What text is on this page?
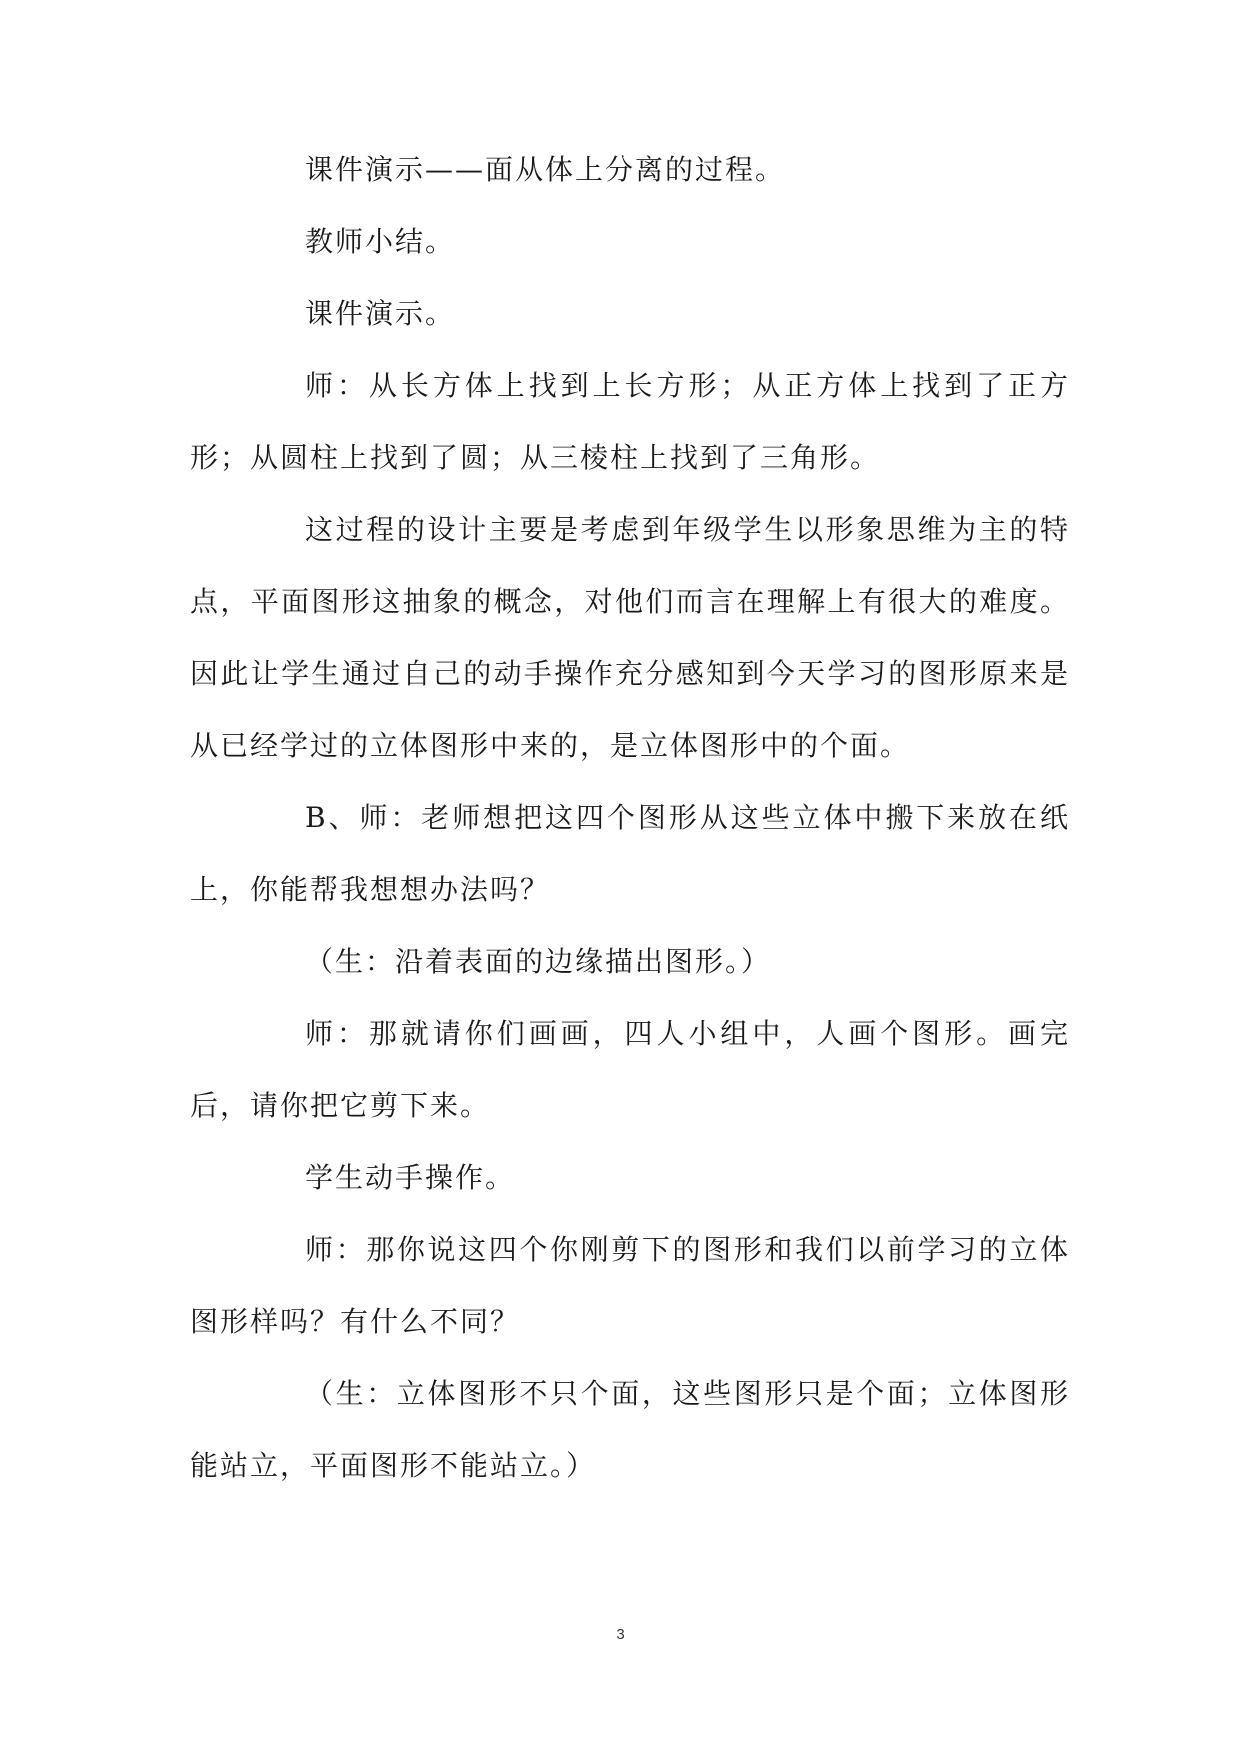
课件演示——面从体上分离的过程。

教师小结。

课件演示。

师：从长方体上找到上长方形；从正方体上找到了正方形；从圆柱上找到了圆；从三棱柱上找到了三角形。

这过程的设计主要是考虑到年级学生以形象思维为主的特点，平面图形这抽象的概念，对他们而言在理解上有很大的难度。因此让学生通过自己的动手操作充分感知到今天学习的图形原来是从已经学过的立体图形中来的，是立体图形中的个面。

B、师：老师想把这四个图形从这些立体中搬下来放在纸上，你能帮我想想办法吗？

（生：沿着表面的边缘描出图形。）

师：那就请你们画画，四人小组中，人画个图形。画完后，请你把它剪下来。

学生动手操作。

师：那你说这四个你刚剪下的图形和我们以前学习的立体图形样吗？有什么不同？

（生：立体图形不只个面，这些图形只是个面；立体图形能站立，平面图形不能站立。）

3
